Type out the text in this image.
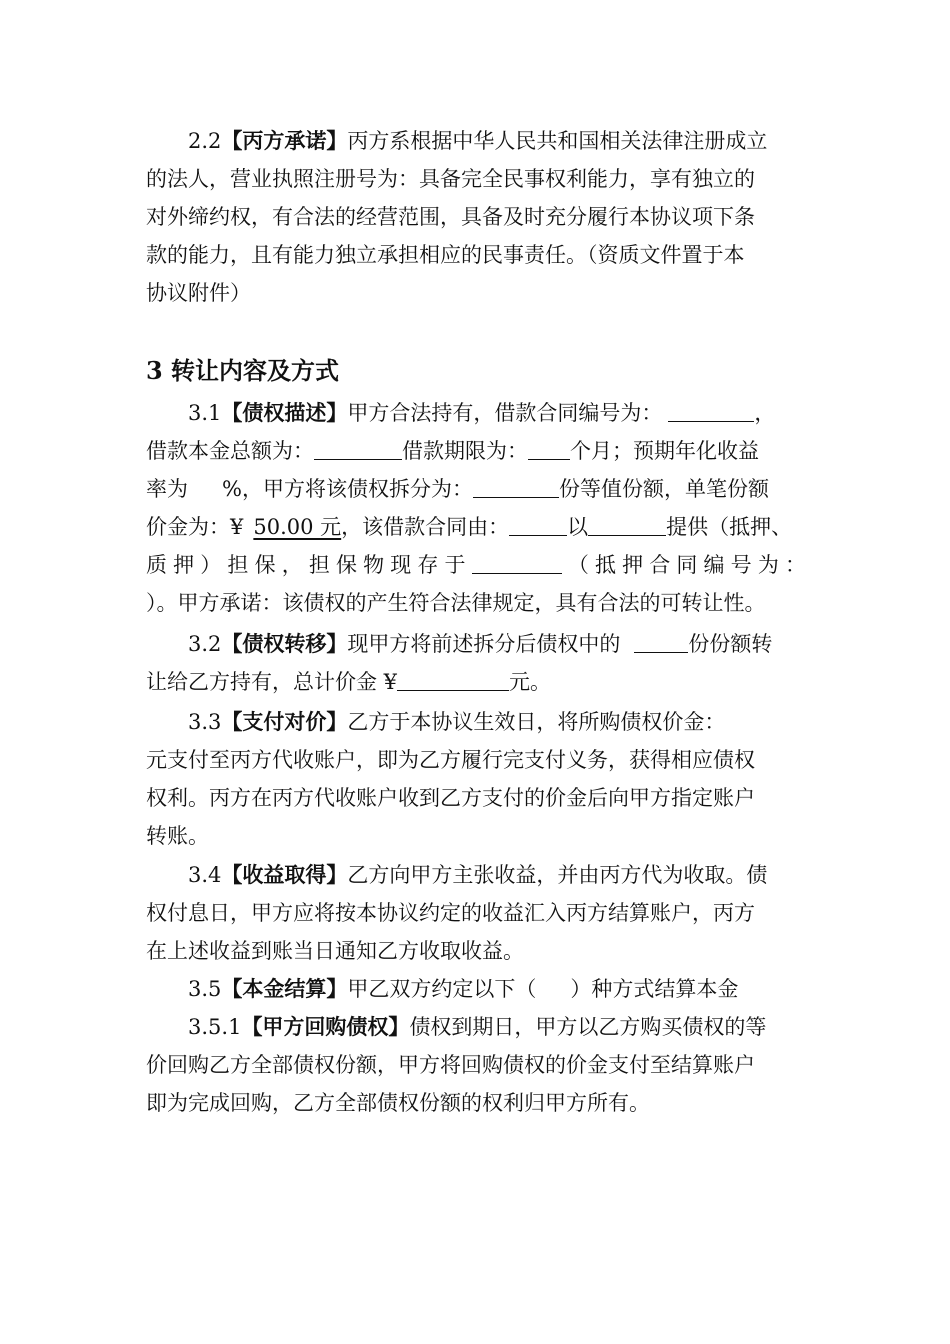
2.2【丙方承诺】丙方系根据中华人民共和国相关法律注册成立
的法人，营业执照注册号为：具备完全民事权利能力，享有独立的
对外缔约权，有合法的经营范围，具备及时充分履行本协议项下条
款的能力，且有能力独立承担相应的民事责任。（资质文件置于本
协议附件）
3 转让内容及方式
3.1【债权描述】甲方合法持有，借款合同编号为：	，
借款本金总额为：	借款期限为： 个月；预期年化收益
率为 %，甲方将该债权拆分为：	份等值份额，单笔份额
价金为：¥ 50.00 元，该借款合同由：	以	提供（抵押、
质 押 ） 担 保 ， 担 保 物 现 存 于	（ 抵 押 合 同 编 号 为 ：
）。甲方承诺：该债权的产生符合法律规定，具有合法的可转让性。
3.2【债权转移】现甲方将前述拆分后债权中的	份份额转
让给乙方持有，总计价金 ¥	元。
3.3【支付对价】乙方于本协议生效日，将所购债权价金：
元支付至丙方代收账户，即为乙方履行完支付义务，获得相应债权
权利。丙方在丙方代收账户收到乙方支付的价金后向甲方指定账户
转账。
3.4【收益取得】乙方向甲方主张收益，并由丙方代为收取。债
权付息日，甲方应将按本协议约定的收益汇入丙方结算账户，丙方
在上述收益到账当日通知乙方收取收益。
3.5【本金结算】甲乙双方约定以下（ ）种方式结算本金
3.5.1【甲方回购债权】债权到期日，甲方以乙方购买债权的等
价回购乙方全部债权份额，甲方将回购债权的价金支付至结算账户
即为完成回购，乙方全部债权份额的权利归甲方所有。
